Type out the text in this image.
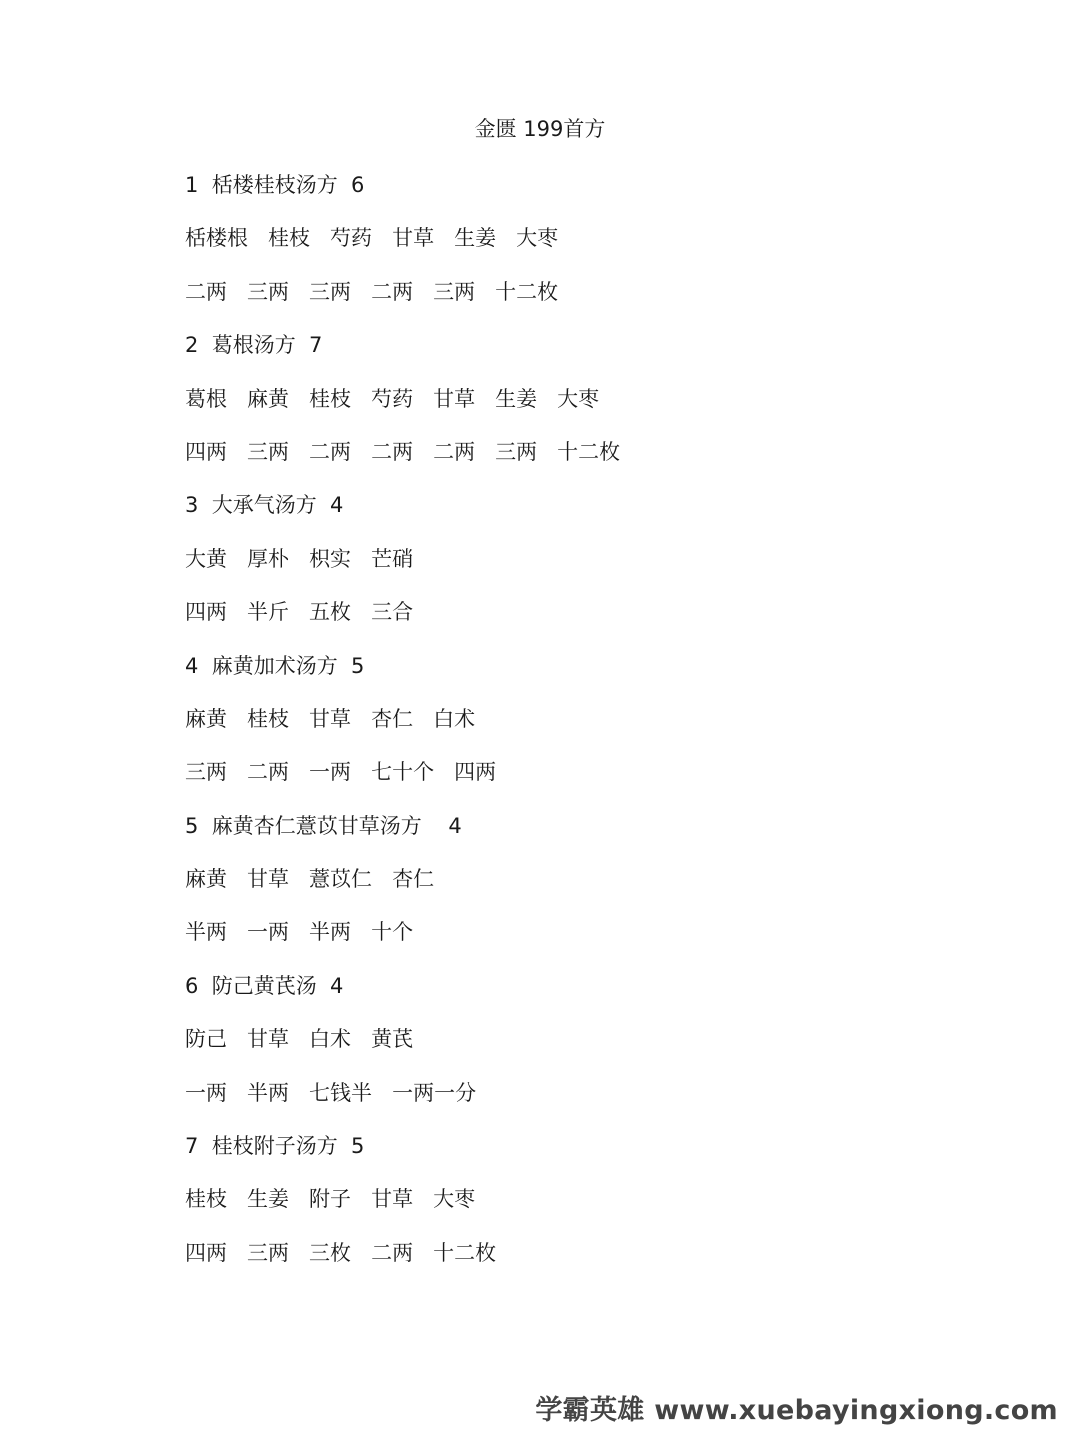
金匮 199首方
1  栝楼桂枝汤方  6
栝楼根   桂枝   芍药   甘草   生姜   大枣
二两   三两   三两   二两   三两   十二枚
2  葛根汤方  7
葛根   麻黄   桂枝   芍药   甘草   生姜   大枣
四两   三两   二两   二两   二两   三两   十二枚
3  大承气汤方  4
大黄   厚朴   枳实   芒硝
四两   半斤   五枚   三合
4  麻黄加术汤方  5
麻黄   桂枝   甘草   杏仁   白术
三两   二两   一两   七十个   四两
5  麻黄杏仁薏苡甘草汤方    4
麻黄   甘草   薏苡仁   杏仁
半两   一两   半两   十个
6  防己黄芪汤  4
防己   甘草   白术   黄芪
一两   半两   七钱半   一两一分
7  桂枝附子汤方  5
桂枝   生姜   附子   甘草   大枣
四两   三两   三枚   二两   十二枚
学霸英雄 www.xuebayingxiong.com
